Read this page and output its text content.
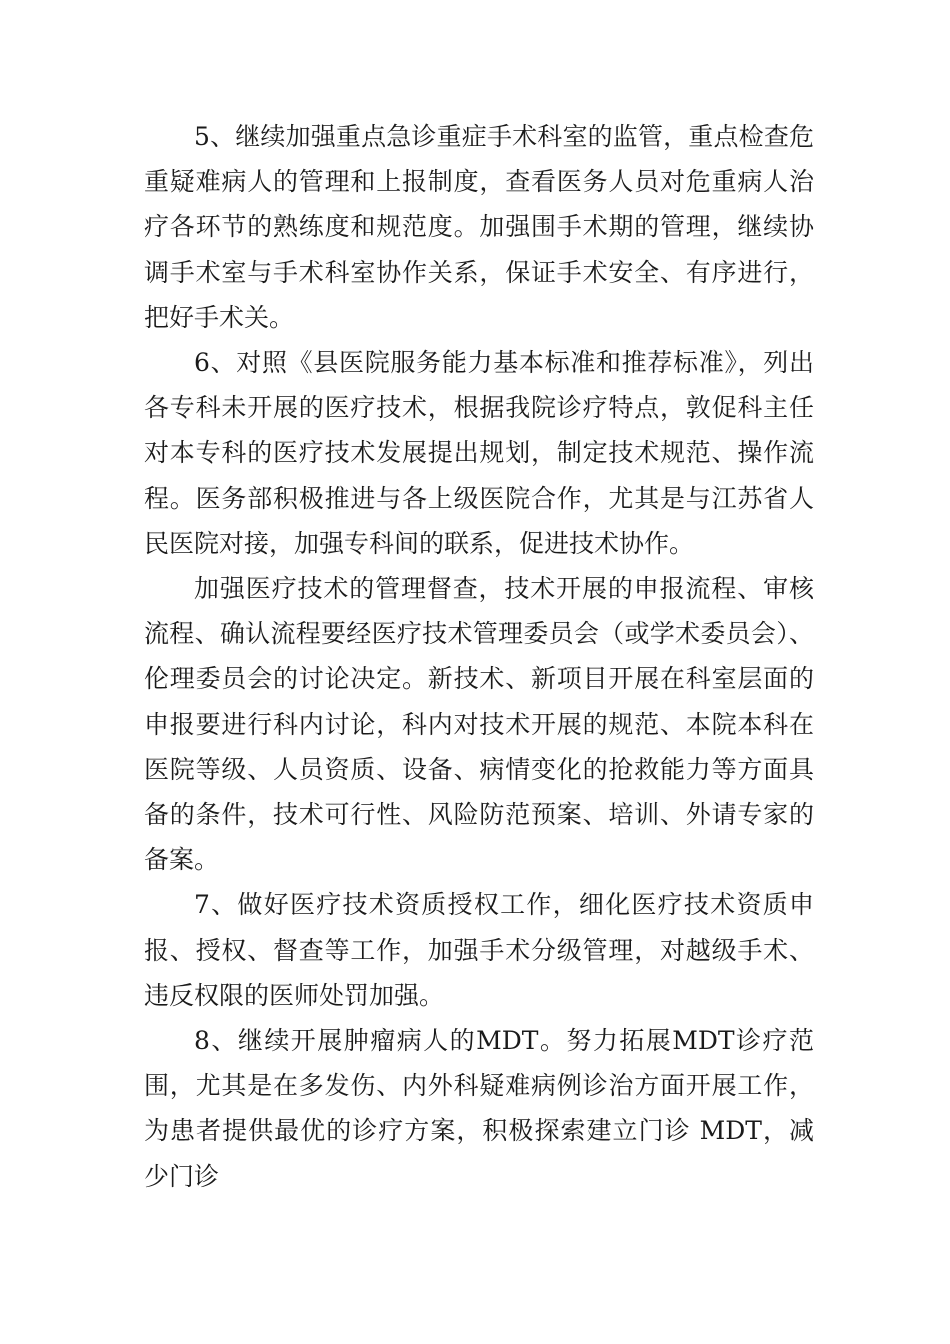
5、继续加强重点急诊重症手术科室的监管，重点检查危重疑难病人的管理和上报制度，查看医务人员对危重病人治疗各环节的熟练度和规范度。加强围手术期的管理，继续协调手术室与手术科室协作关系，保证手术安全、有序进行，把好手术关。

6、对照《县医院服务能力基本标准和推荐标准》，列出各专科未开展的医疗技术，根据我院诊疗特点，敦促科主任对本专科的医疗技术发展提出规划，制定技术规范、操作流程。医务部积极推进与各上级医院合作，尤其是与江苏省人民医院对接，加强专科间的联系，促进技术协作。

加强医疗技术的管理督查，技术开展的申报流程、审核流程、确认流程要经医疗技术管理委员会（或学术委员会）、伦理委员会的讨论决定。新技术、新项目开展在科室层面的申报要进行科内讨论，科内对技术开展的规范、本院本科在医院等级、人员资质、设备、病情变化的抢救能力等方面具备的条件，技术可行性、风险防范预案、培训、外请专家的备案。

7、做好医疗技术资质授权工作，细化医疗技术资质申报、授权、督查等工作，加强手术分级管理，对越级手术、违反权限的医师处罚加强。

8、继续开展肿瘤病人的MDT。努力拓展MDT诊疗范围，尤其是在多发伤、内外科疑难病例诊治方面开展工作，为患者提供最优的诊疗方案，积极探索建立门诊 MDT，减少门诊
